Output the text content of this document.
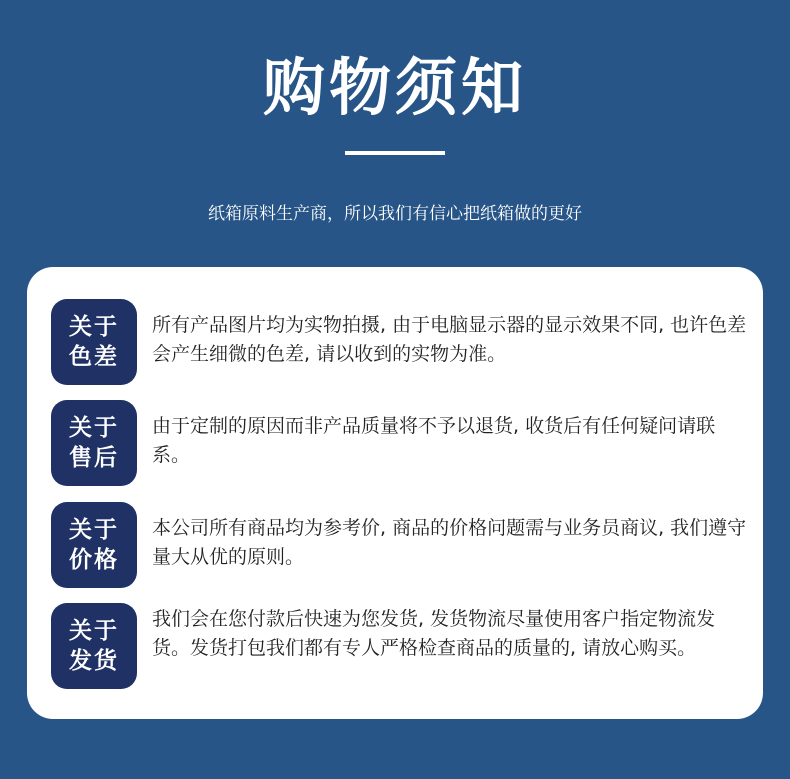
购物须知
纸箱原料生产商，所以我们有信心把纸箱做的更好
关于
色差
所有产品图片均为实物拍摄, 由于电脑显示器的显示效果不同, 也许色差会产生细微的色差, 请以收到的实物为准。
关于
售后
由于定制的原因而非产品质量将不予以退货, 收货后有任何疑问请联系。
关于
价格
本公司所有商品均为参考价, 商品的价格问题需与业务员商议, 我们遵守量大从优的原则。
关于
发货
我们会在您付款后快速为您发货, 发货物流尽量使用客户指定物流发货。发货打包我们都有专人严格检查商品的质量的, 请放心购买。
